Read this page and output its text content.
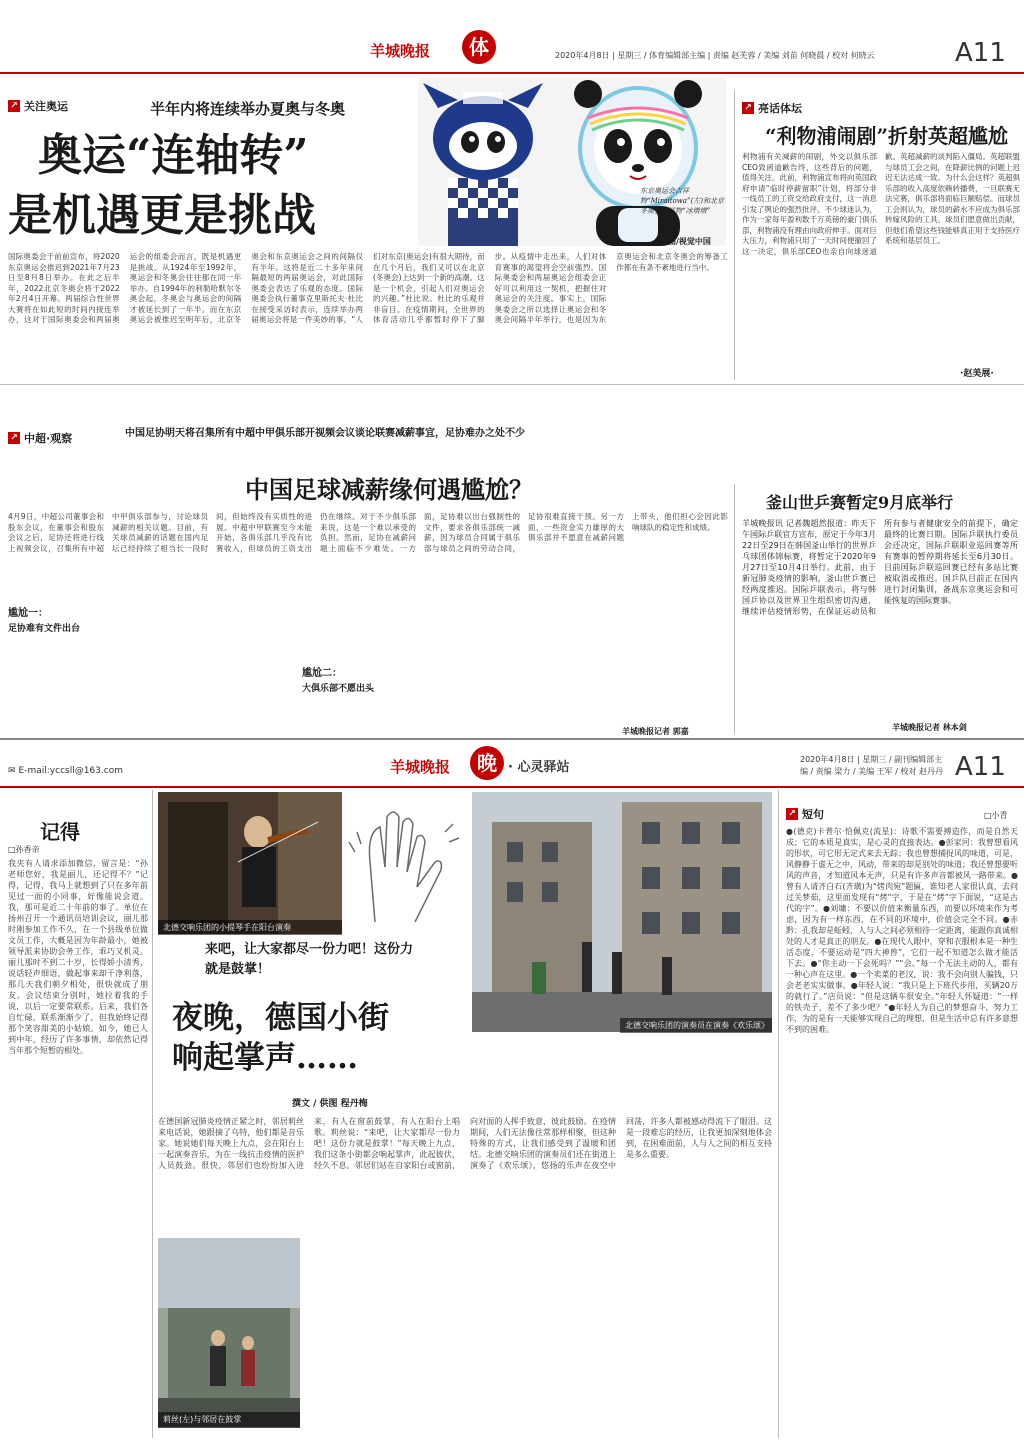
羊城晚报	体	2020年4月8日 | 星期三 / 体育编辑部主编 | 责编 赵芙蓉 / 美编 刘苗 何晓晨 / 校对 何晓云	A11
↗ 关注奥运	半年内将连续举办夏奥与冬奥
奥运“连轴转”
是机遇更是挑战	东京奥运会吉祥物“Miraitowa”(左)和北京冬奥会吉祥物“冰墩墩”
图/视觉中国
国际奥委会于前前宣布，将2020东京奥运会推迟到2021年7月23日至8月8日举办。在此之后半年，2022北京冬奥会将于2022年2月4日开幕。两届综合性世界大赛将在如此短的时间内接连举办，这对于国际奥委会和两届奥运会的组委会而言，既是机遇更是挑战。从1924年至1992年，奥运会和冬奥会往往都在同一年举办。自1994年的利勒哈默尔冬奥会起，冬奥会与奥运会的间隔才被延长到了一年半。而在东京奥运会被推迟至明年后，北京冬奥会和东京奥运会之间的间隔仅有半年。这将是近二十多年来间隔最短的两届奥运会，对此国际奥委会表达了乐观的态度。国际奥委会执行董事克里斯托夫·杜比在接受采访时表示，连续举办两届奥运会将是一件美妙的事。“人们对东京(奥运会)有很大期待，而在几个月后，我们又可以在北京(冬奥会)上达到一个新的高潮。这是一个机会，引起人们对奥运会的兴趣。”杜比说。杜比的乐观并非盲目。在疫情期间，全世界的体育活动几乎都暂时停下了脚步。从疫情中走出来，人们对体育赛事的渴望将会空前强烈。国际奥委会和两届奥运会组委会正好可以利用这一契机，把握住对奥运会的关注度。事实上，国际奥委会之所以选择让奥运会和冬奥会间隔半年举行，也是因为东京奥运会和北京冬奥会的筹备工作都在有条不紊地进行当中。
↗ 亮话体坛
“利物浦闹剧”折射英超尴尬
利物浦有关减薪的闹剧，外交以俱乐部CEO致函道歉告终，这些背后的问题，值得关注。此前，利物浦宣布将向英国政府申请“临时停薪留职”计划，将部分非一线员工的工资交给政府支付，这一消息引发了舆论的强烈批评。不少球迷认为，作为一家每年盈利数千万英镑的豪门俱乐部，利物浦没有理由向政府伸手。面对巨大压力，利物浦只用了一天时间便撤回了这一决定，俱乐部CEO也亲自向球迷道歉。英超减薪的谈判陷入僵局。英超联盟与球员工会之间，在降薪比例的问题上迟迟无法达成一致。为什么会这样？英超俱乐部的收入高度依赖转播费，一旦联赛无法完赛，俱乐部将面临巨额赔偿。而球员工会则认为，球员的薪水不应成为俱乐部转嫁风险的工具。球员们愿意做出贡献，但他们希望这些钱能够真正用于支持医疗系统和基层员工。
·赵美展·
↗ 中超·观察	中国足协明天将召集所有中超中甲俱乐部开视频会议谈论联赛减薪事宜，足协难办之处不少
中国足球减薪缘何遇尴尬？
4月9日，中超公司董事会和股东会议，在董事会和股东会议之后，足协还将进行线上视频会议，召集所有中超中甲俱乐部参与，讨论球员减薪的相关议题。目前，有关球员减薪的话题在国内足坛已经持续了相当长一段时间，但始终没有实质性的进展。中超中甲联赛至今未能开始，各俱乐部几乎没有比赛收入，但球员的工资支出仍在继续。对于不少俱乐部来说，这是一个难以承受的负担。然而，足协在减薪问题上面临不少难处。一方面，足协难以出台强制性的文件，要求各俱乐部统一减薪，因为球员合同属于俱乐部与球员之间的劳动合同，足协很难直接干预。另一方面，一些资金实力雄厚的大俱乐部并不愿意在减薪问题上带头，他们担心会因此影响球队的稳定性和成绩。
尴尬一：
足协难有文件出台
尴尬二：
大俱乐部不愿出头
羊城晚报记者 郭嘉
釜山世乒赛暂定9月底举行
羊城晚报讯 记者魏超然报道：昨天下午国际乒联官方宣布，原定于今年3月22日至29日在韩国釜山举行的世界乒乓球团体锦标赛，将暂定于2020年9月27日至10月4日举行。此前，由于新冠肺炎疫情的影响，釜山世乒赛已经两度推迟。国际乒联表示，将与韩国乒协以及世界卫生组织密切沟通，继续评估疫情形势，在保证运动员和所有参与者健康安全的前提下，确定最终的比赛日期。国际乒联执行委员会还决定，国际乒联职业巡回赛等所有赛事的暂停期将延长至6月30日。目前国际乒联巡回赛已经有多站比赛被取消或推迟。国乒队目前正在国内进行封闭集训，备战东京奥运会和可能恢复的国际赛事。
羊城晚报记者 林本剑
羊城晚报	晚 · 心灵驿站
2020年4月8日 | 星期三 / 副刊编辑部主编 / 责编 梁力 / 美编 王军 / 校对 赵丹丹 A11
✉ E-mail:yccsll@163.com
记得
□孙香亲
我夹有人请求添加微信，留言是：“孙老师您好，我是丽儿，还记得不？”记得，记得，我马上就想到了只在多年前见过一面的小同事，好像能说会道。我，那可是近二十年前的事了。单位在扬州召开一个通讯员培训会议，丽儿那时刚参加工作不久，在一个县级单位做文员工作，大概是因为年龄最小，她被领导派来协助会务工作，乖巧又机灵。丽儿那时不到二十岁，长得娇小清秀，说话轻声细语，做起事来却干净利落，那几天我们朝夕相处，很快就成了朋友。会议结束分别时，她拉着我的手说，以后一定要常联系。后来，我们各自忙碌，联系渐渐少了，但我始终记得那个笑容甜美的小姑娘。如今，她已人到中年，经历了许多事情，却依然记得当年那个短暂的相处。
北德交响乐团的小提琴手在阳台演奏
来吧，让大家都尽一份力吧！这份力
就是鼓掌！
夜晚，德国小街
响起掌声……
撰文 / 供图 程丹梅
北德交响乐团的演奏员在演奏《欢乐颂》
在德国新冠肺炎疫情正紧之时，邻居莉丝来电话说，她跟摘了乌特，他们都是音乐家。她说她们每天晚上九点，会在阳台上一起演奏音乐，为在一线抗击疫情的医护人员鼓劲。很快，邻居们也纷纷加入进来，有人在窗前鼓掌，有人在阳台上唱歌。莉丝说：“来吧，让大家都尽一份力吧！这份力就是鼓掌！”每天晚上九点，我们这条小街都会响起掌声，此起彼伏，经久不息。邻居们站在自家阳台或窗前，向对面的人挥手致意，彼此鼓励。在疫情期间，人们无法像往常那样相聚，但这种特殊的方式，让我们感受到了温暖和团结。北德交响乐团的演奏员们还在街道上演奏了《欢乐颂》，悠扬的乐声在夜空中回荡，许多人都被感动得流下了眼泪。这是一段难忘的经历，让我更加深刻地体会到，在困难面前，人与人之间的相互支持是多么重要。
莉丝(左)与邻居在鼓掌
↗ 短句	□小青
●(德克)卡普尔·恰佩克(流星)：诗歌不需要搏造作，而是自然天成；它的本质是真实，是心灵的直接表达。●彭家河：我曾想看风的形状，可它形无定式来去无踪；我也曾想捕捉风的味道，可是，风静静于虚无之中，风动，带来的却是别处的味道；我还曾想要听风的声音，才知道风本无声，只是有许多声音都被风一路带来。●曾有人请齐白石(齐璜)为“烤肉宛”题匾，谁知老人家很认真，去问过关梦茹，这里面发现有“烤”字，于是在“烤”字下面说，“这是古代的字”。●刘墉：不要以价值来衡量东西，而要以环境来作为考虑，因为有一样东西，在不同的环境中，价值会完全不同。●赤黔：孔我却是蚯蚓，人与人之间必须相待一定距离，能跟你真诚相处的人才是真正的朋友。●在现代人眼中，穿和衣服根本是一种生活态度，不要运动是“四大神兽”，它们一起不知道怎么做才能活下去。●“你主动一下会死吗？”“会。”每一个无法主动的人，都有一种心声在这里。●一个卖菜的老汉，说：我不会向别人骗钱，只会老老实实做事。●年轻人说：“我只是上下班代步用，买辆20万的就行了。”店员说：“但是这辆车很安全。”年轻人怀疑道：“一样的铁壳子，差不了多少吧？”●年轻人为自己的梦想奋斗，努力工作，为的是有一天能够实现自己的理想，但是生活中总有许多意想不到的困难。
